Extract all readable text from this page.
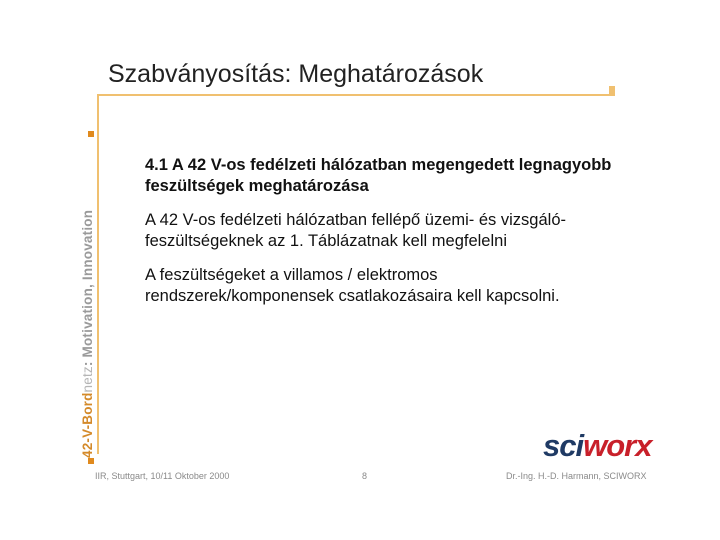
Szabványosítás: Meghatározások
42-V-Bordnetz: Motivation, Innovation
4.1 A 42 V-os fedélzeti hálózatban megengedett legnagyobb feszültségek meghatározása
A 42 V-os fedélzeti hálózatban fellépő üzemi- és vizsgáló-feszültségeknek az 1. Táblázatnak kell megfelelni
A feszültségeket a villamos / elektromos rendszerek/komponensek csatlakozásaira kell kapcsolni.
sciworx
IIR, Stuttgart, 10/11 Oktober 2000	8	Dr.-Ing. H.-D. Harmann, SCIWORX
